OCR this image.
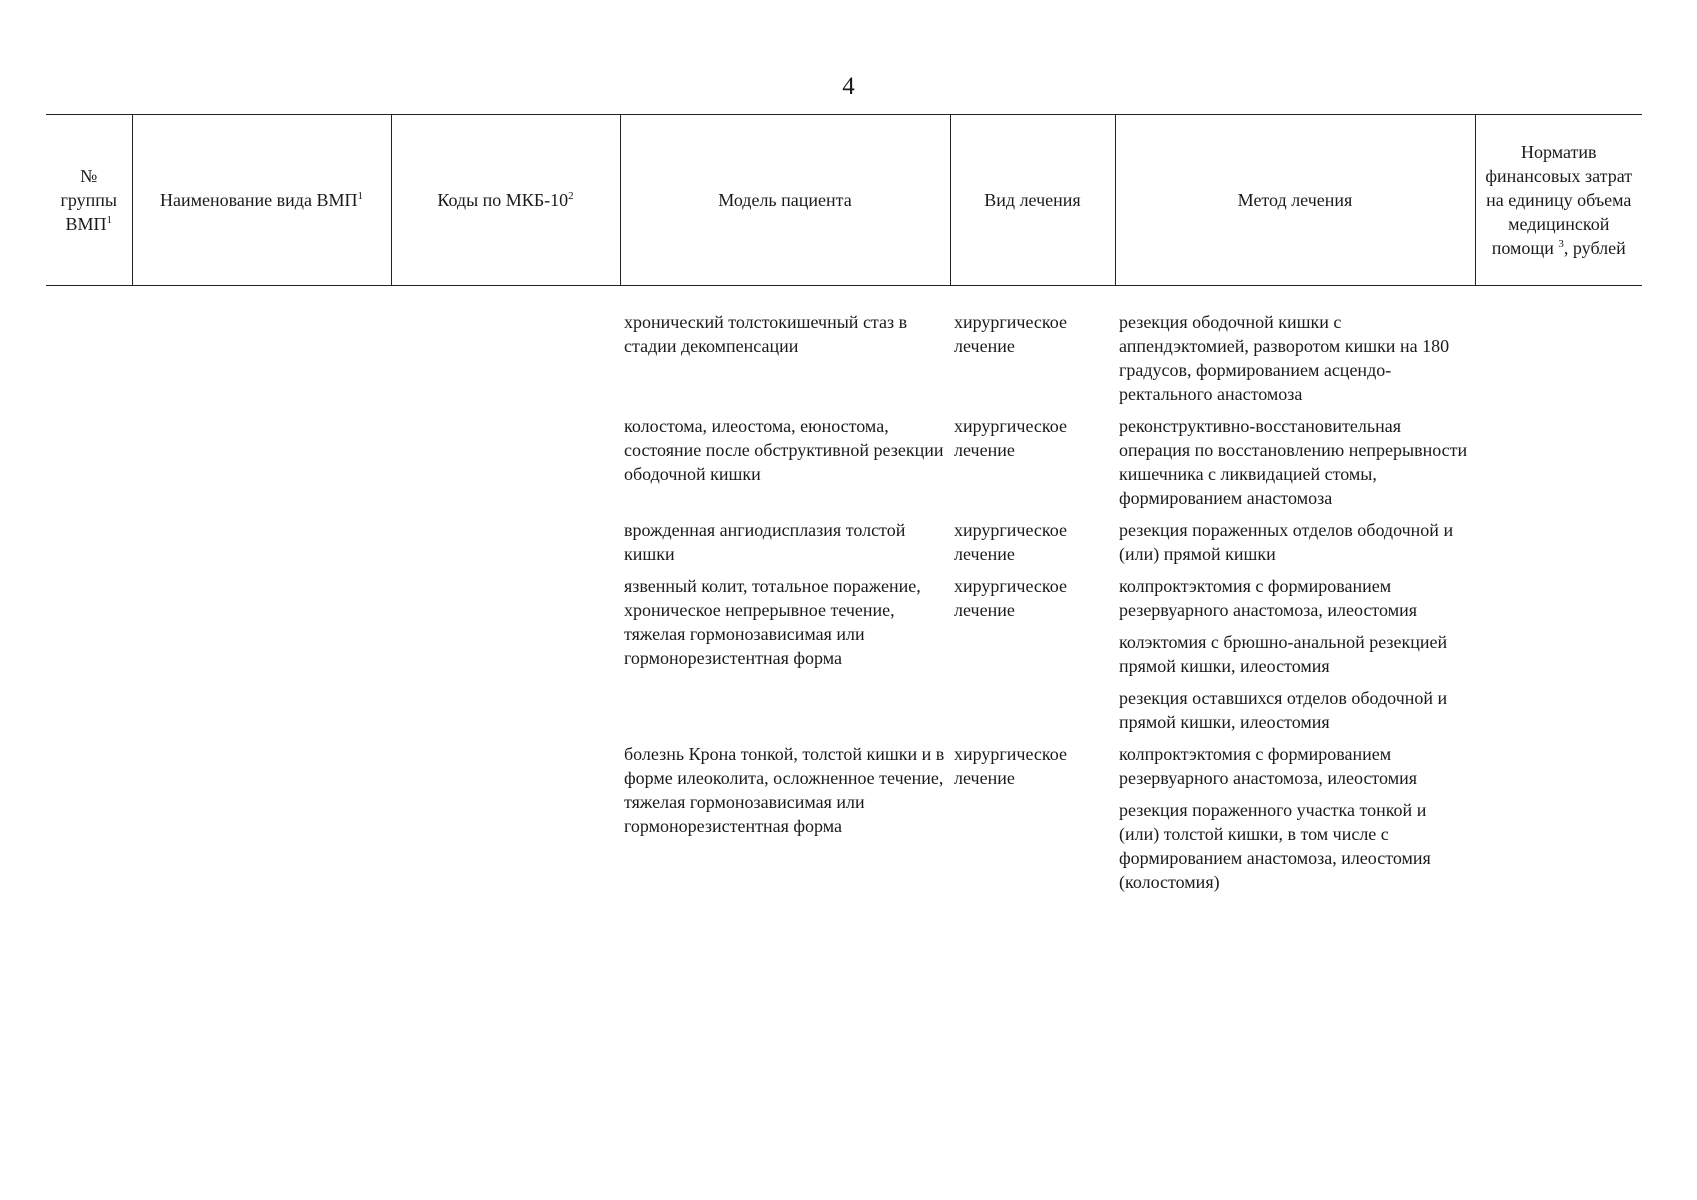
4
№ группы ВМП$^1$	Наименование вида ВМП$^1$	Коды по МКБ-$10^2$	Модель пациента	Вид лечения	Метод лечения	Норматив финансовых затрат на единицу объема медицинской помощи $^3$, рублей
			хронический толстокишечный стаз в стадии декомпенсации	хирургическое лечение	резекция ободочной кишки с аппендэктомией, разворотом кишки на 180 градусов, формированием асцендо-ректального анастомоза	

			колостома, илеостома, еюностома, состояние после обструктивной резекции ободочной кишки	хирургическое лечение	реконструктивно-восстановительная операция по восстановлению непрерывности кишечника с ликвидацией стомы, формированием анастомоза	

			врожденная ангиодисплазия толстой кишки	хирургическое лечение	резекция пораженных отделов ободочной и (или) прямой кишки	

			язвенный колит, тотальное поражение, хроническое непрерывное течение, тяжелая гормонозависимая или гормонорезистентная форма	хирургическое лечение	колпроктэктомия с формированием резервуарного анастомоза, илеостомия
колэктомия с брюшно-анальной резекцией прямой кишки, илеостомия
резекция оставшихся отделов ободочной и прямой кишки, илеостомия	

			болезнь Крона тонкой, толстой кишки и в форме илеоколита, осложненное течение, тяжелая гормонозависимая или гормонорезистентная форма	хирургическое лечение	колпроктэктомия с формированием резервуарного анастомоза, илеостомия
резекция пораженного участка тонкой и (или) толстой кишки, в том числе с формированием анастомоза, илеостомия (колостомия)	
